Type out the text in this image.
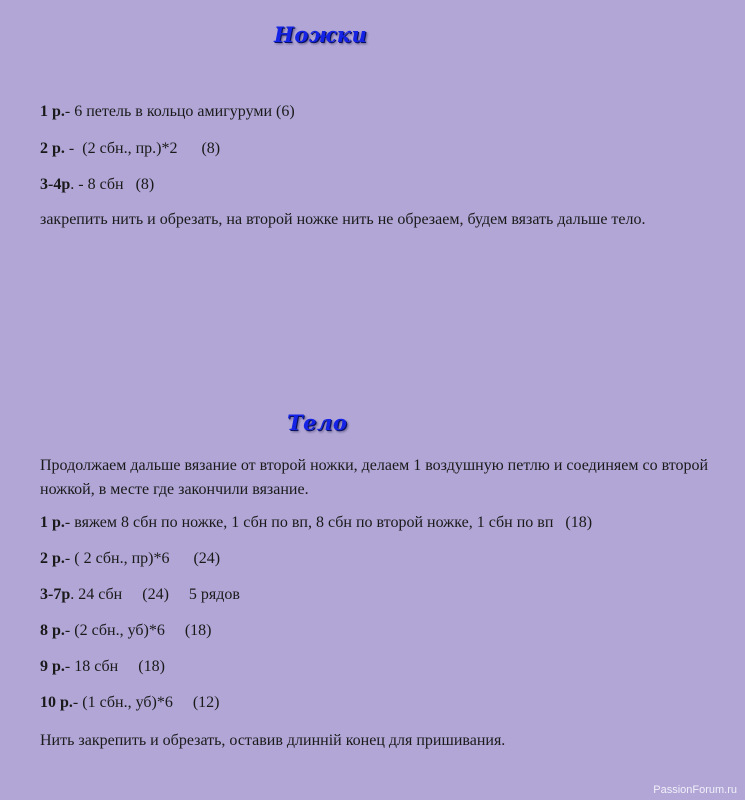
Ножки
1 р.- 6 петель в кольцо амигуруми (6)
2 р. -  (2 сбн., пр.)*2      (8)
3-4р. - 8 сбн   (8)
закрепить нить и обрезать, на второй ножке нить не обрезаем, будем вязать дальше тело.
Тело
Продолжаем дальше вязание от второй ножки, делаем 1 воздушную петлю и соединяем со второй ножкой, в месте где закончили вязание.
1 р.- вяжем 8 сбн по ножке, 1 сбн по вп, 8 сбн по второй ножке, 1 сбн по вп   (18)
2 р.- ( 2 сбн., пр)*6      (24)
3-7р. 24 сбн     (24)     5 рядов
8 р.- (2 сбн., уб)*6     (18)
9 р.- 18 сбн     (18)
10 р.- (1 сбн., уб)*6     (12)
Нить закрепить и обрезать, оставив длинній конец для пришивания.
PassionForum.ru
